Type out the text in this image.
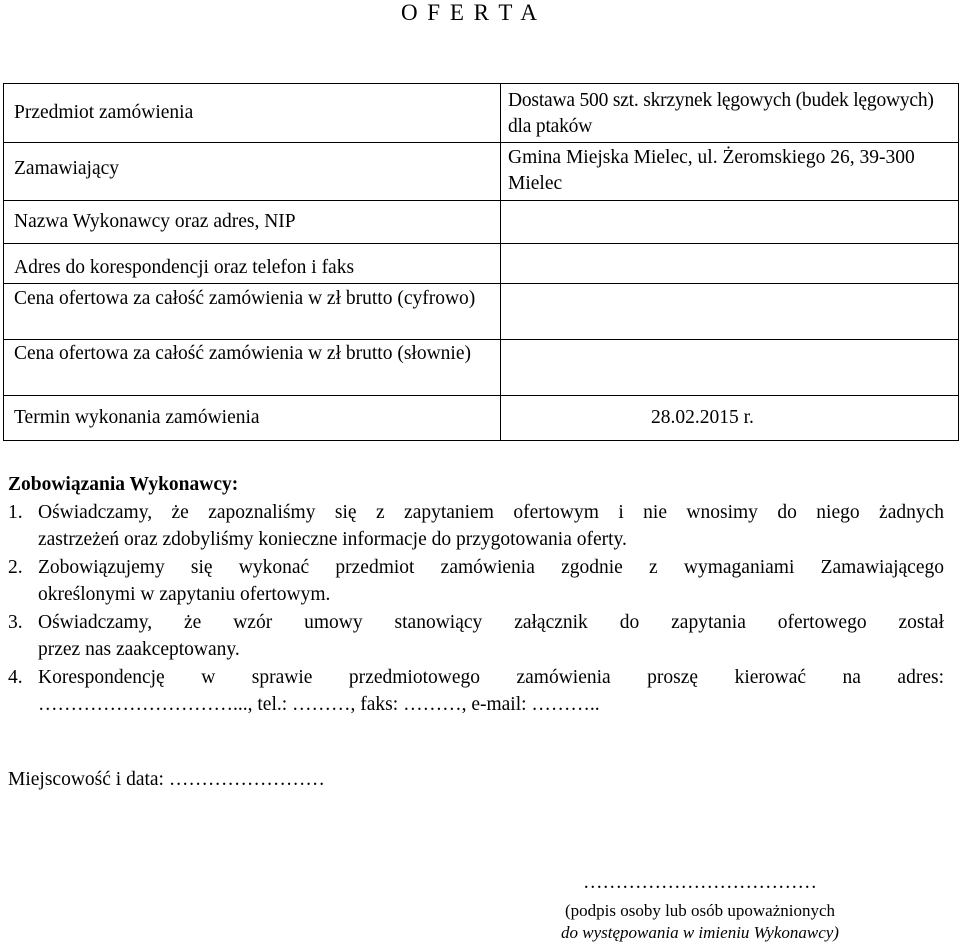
O F E R T A
Przedmiot zamówienia	Dostawa 500 szt. skrzynek lęgowych (budek lęgowych) dla ptaków

Zamawiający	Gmina Miejska Mielec, ul. Żeromskiego 26, 39-300 Mielec
Nazwa Wykonawcy oraz adres, NIP	
Adres do korespondencji oraz telefon i faks	
Cena ofertowa za całość zamówienia w zł brutto (cyfrowo)	
Cena ofertowa za całość zamówienia w zł brutto (słownie)	
Termin wykonania zamówienia	28.02.2015 r.
Zobowiązania Wykonawcy:
1. Oświadczamy, że zapoznaliśmy się z zapytaniem ofertowym i nie wnosimy do niego żadnych
zastrzeżeń oraz zdobyliśmy konieczne informacje do przygotowania oferty.
2. Zobowiązujemy się wykonać przedmiot zamówienia zgodnie z wymaganiami Zamawiającego
określonymi w zapytaniu ofertowym.
3. Oświadczamy, że wzór umowy stanowiący załącznik do zapytania ofertowego został
przez nas zaakceptowany.
4. Korespondencję w sprawie przedmiotowego zamówienia proszę kierować na adres:
…………………………..., tel.: ………, faks: ………, e-mail: ………..
Miejscowość i data: ……………………
………………………………
(podpis osoby lub osób upoważnionych
do występowania w imieniu Wykonawcy)
